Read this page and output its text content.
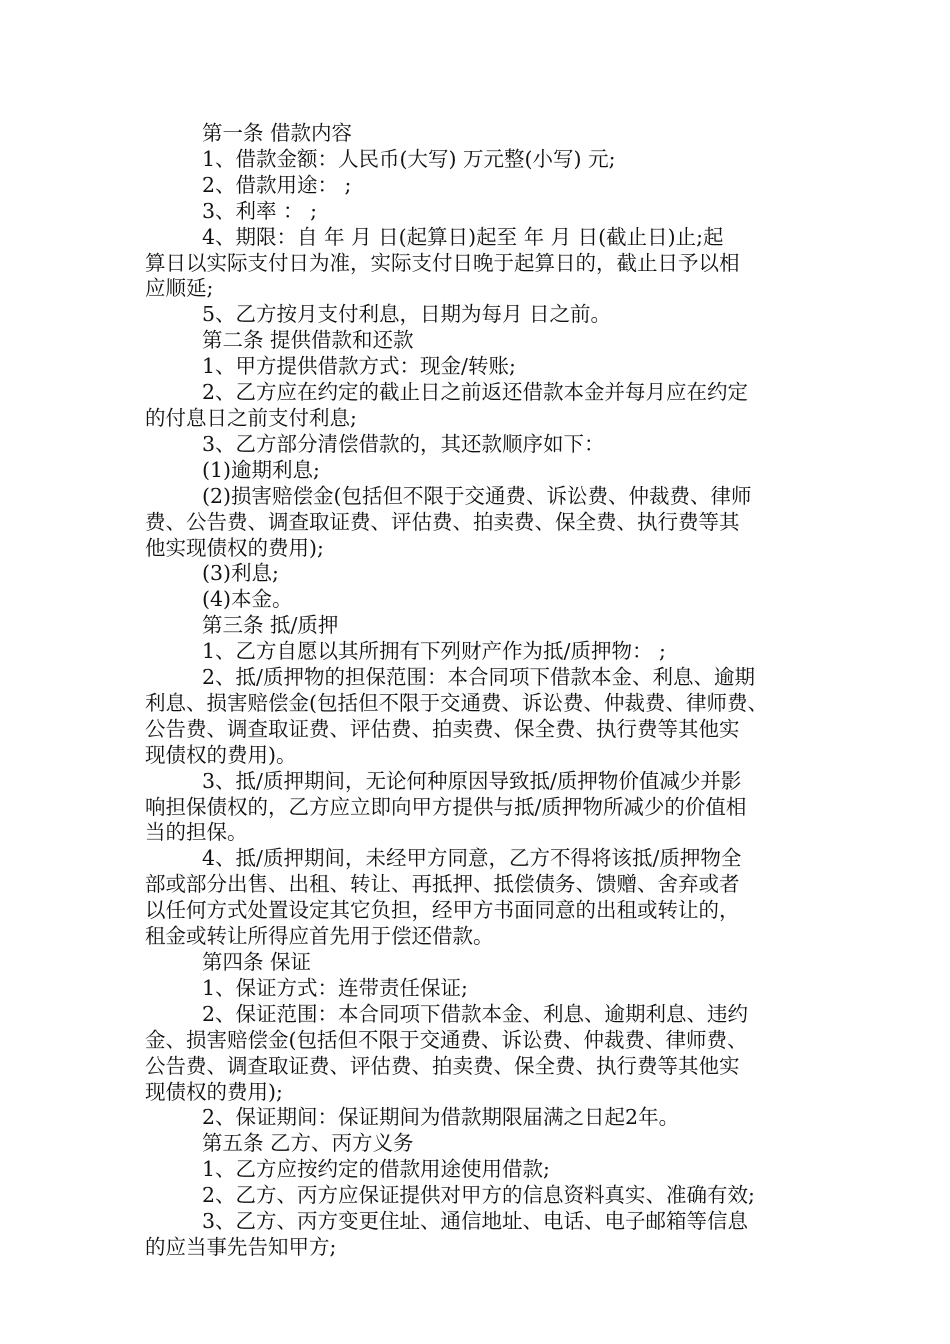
第一条 借款内容
1、借款金额：人民币(大写) 万元整(小写) 元;
2、借款用途： ;
3、利率 ： ;
4、期限：自 年 月 日(起算日)起至 年 月 日(截止日)止;起
算日以实际支付日为准，实际支付日晚于起算日的，截止日予以相
应顺延;
5、乙方按月支付利息，日期为每月 日之前。
第二条 提供借款和还款
1、甲方提供借款方式：现金/转账;
2、乙方应在约定的截止日之前返还借款本金并每月应在约定
的付息日之前支付利息;
3、乙方部分清偿借款的，其还款顺序如下：
(1)逾期利息;
(2)损害赔偿金(包括但不限于交通费、诉讼费、仲裁费、律师
费、公告费、调查取证费、评估费、拍卖费、保全费、执行费等其
他实现债权的费用);
(3)利息;
(4)本金。
第三条 抵/质押
1、乙方自愿以其所拥有下列财产作为抵/质押物： ;
2、抵/质押物的担保范围：本合同项下借款本金、利息、逾期
利息、损害赔偿金(包括但不限于交通费、诉讼费、仲裁费、律师费、
公告费、调查取证费、评估费、拍卖费、保全费、执行费等其他实
现债权的费用)。
3、抵/质押期间，无论何种原因导致抵/质押物价值减少并影
响担保债权的，乙方应立即向甲方提供与抵/质押物所减少的价值相
当的担保。
4、抵/质押期间，未经甲方同意，乙方不得将该抵/质押物全
部或部分出售、出租、转让、再抵押、抵偿债务、馈赠、舍弃或者
以任何方式处置设定其它负担，经甲方书面同意的出租或转让的，
租金或转让所得应首先用于偿还借款。
第四条 保证
1、保证方式：连带责任保证;
2、保证范围：本合同项下借款本金、利息、逾期利息、违约
金、损害赔偿金(包括但不限于交通费、诉讼费、仲裁费、律师费、
公告费、调查取证费、评估费、拍卖费、保全费、执行费等其他实
现债权的费用);
2、保证期间：保证期间为借款期限届满之日起2年。
第五条 乙方、丙方义务
1、乙方应按约定的借款用途使用借款;
2、乙方、丙方应保证提供对甲方的信息资料真实、准确有效;
3、乙方、丙方变更住址、通信地址、电话、电子邮箱等信息
的应当事先告知甲方;
